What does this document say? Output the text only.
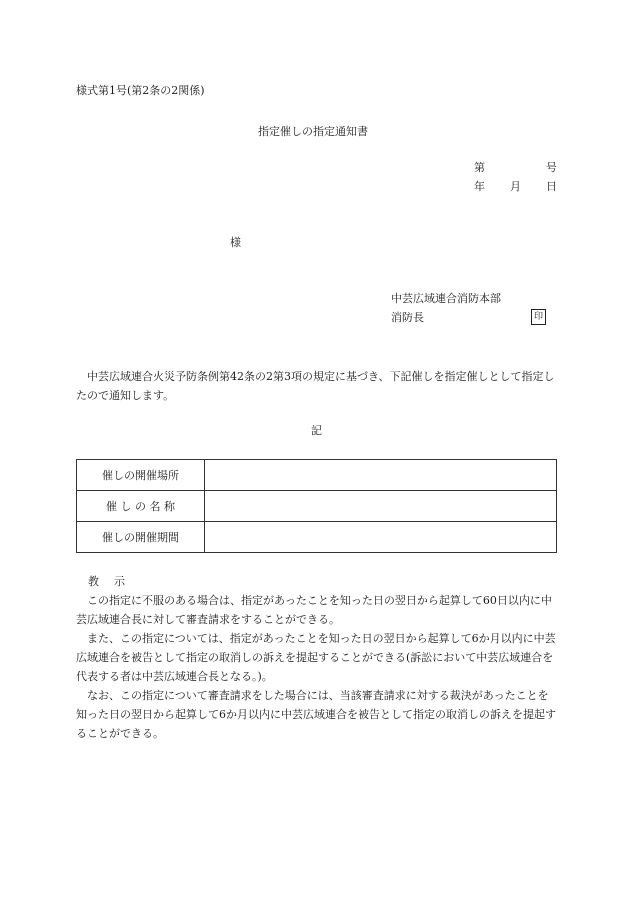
様式第1号(第2条の2関係)
指定催しの指定通知書
第	号
年 月 日
様
中芸広域連合消防本部
消防長	印
中芸広域連合火災予防条例第42条の2第3項の規定に基づき、下記催しを指定催しとして指定したので通知します。
記
催しの開催場所	
催 し の 名 称	
催しの開催期間	
教　示
この指定に不服のある場合は、指定があったことを知った日の翌日から起算して60日以内に中芸広域連合長に対して審査請求をすることができる。
また、この指定については、指定があったことを知った日の翌日から起算して6か月以内に中芸広域連合を被告として指定の取消しの訴えを提起することができる(訴訟において中芸広域連合を代表する者は中芸広域連合長となる。)。
なお、この指定について審査請求をした場合には、当該審査請求に対する裁決があったことを知った日の翌日から起算して6か月以内に中芸広域連合を被告として指定の取消しの訴えを提起することができる。
